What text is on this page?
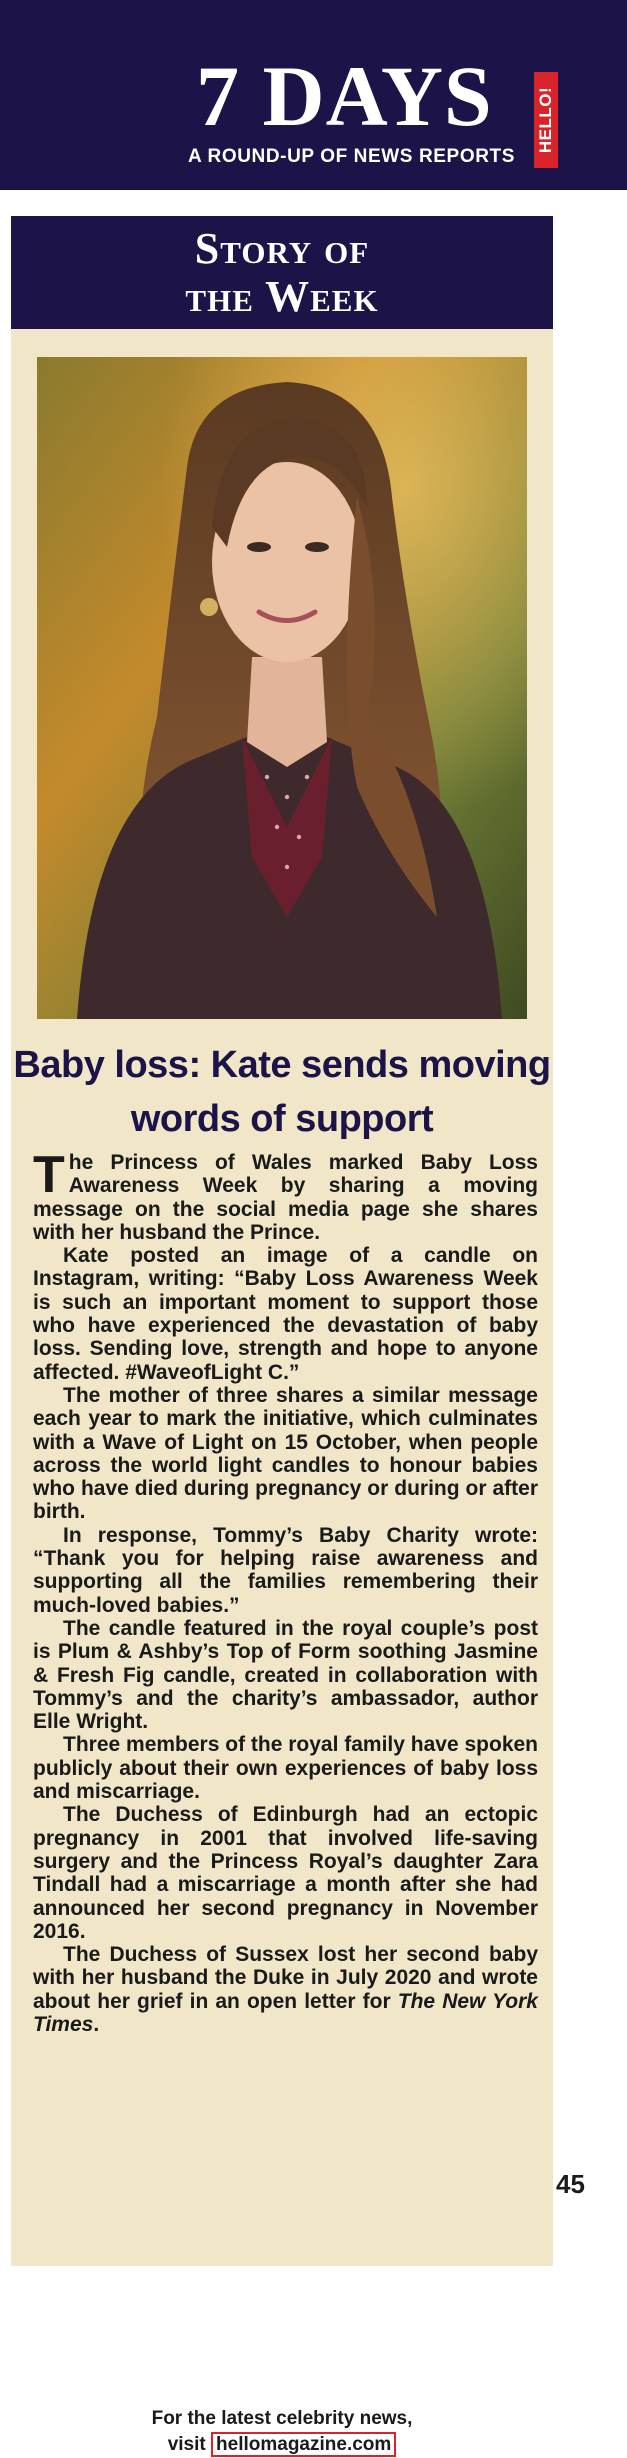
7 DAYS	HELLO!
A ROUND-UP OF NEWS REPORTS
Story of
the Week
Baby loss: Kate sends moving words of support

The Princess of Wales marked Baby Loss Awareness Week by sharing a moving message on the social media page she shares with her husband the Prince.

Kate posted an image of a candle on Instagram, writing: “Baby Loss Awareness Week is such an important moment to support those who have experienced the devastation of baby loss. Sending love, strength and hope to anyone affected. #WaveofLight C.”

The mother of three shares a similar message each year to mark the initiative, which culminates with a Wave of Light on 15 October, when people across the world light candles to honour babies who have died during pregnancy or during or after birth.

In response, Tommy’s Baby Charity wrote: “Thank you for helping raise awareness and supporting all the families remembering their much-loved babies.”

The candle featured in the royal couple’s post is Plum & Ashby’s Top of Form soothing Jasmine & Fresh Fig candle, created in collaboration with Tommy’s and the charity’s ambassador, author Elle Wright.

Three members of the royal family have spoken publicly about their own experiences of baby loss and miscarriage.

The Duchess of Edinburgh had an ectopic pregnancy in 2001 that involved life-saving surgery and the Princess Royal’s daughter Zara Tindall had a miscarriage a month after she had announced her second pregnancy in November 2016.

The Duchess of Sussex lost her second baby with her husband the Duke in July 2020 and wrote about her grief in an open letter for The New York Times.

For the latest celebrity news,
visit hellomagazine.com
45
